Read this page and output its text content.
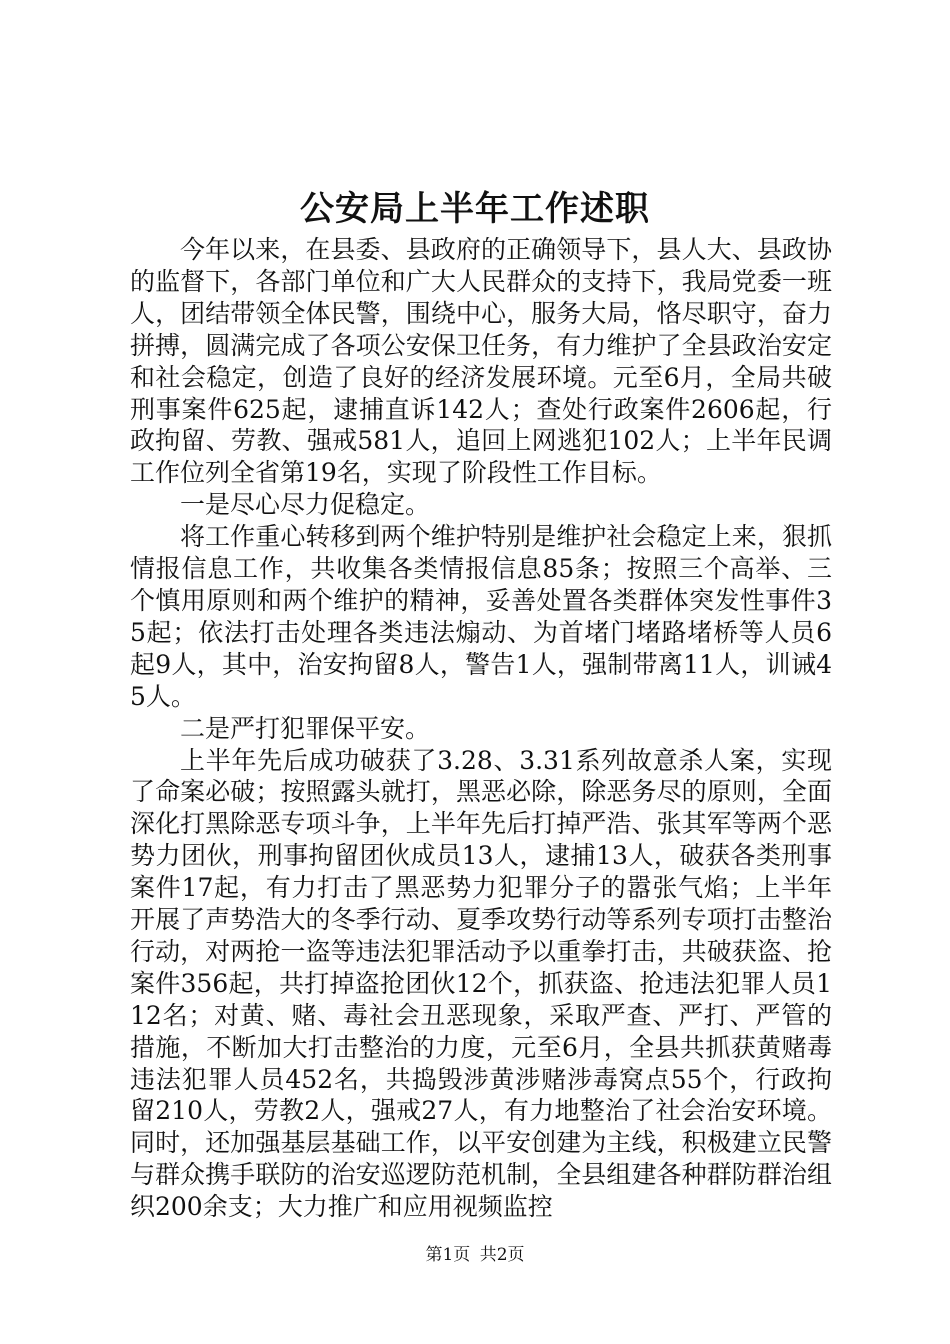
公安局上半年工作述职

今年以来，在县委、县政府的正确领导下，县人大、县政协的监督下，各部门单位和广大人民群众的支持下，我局党委一班人，团结带领全体民警，围绕中心，服务大局，恪尽职守，奋力拼搏，圆满完成了各项公安保卫任务，有力维护了全县政治安定和社会稳定，创造了良好的经济发展环境。元至6月，全局共破刑事案件625起，逮捕直诉142人；查处行政案件2606起，行政拘留、劳教、强戒581人，追回上网逃犯102人；上半年民调工作位列全省第19名，实现了阶段性工作目标。

一是尽心尽力促稳定。

将工作重心转移到两个维护特别是维护社会稳定上来，狠抓情报信息工作，共收集各类情报信息85条；按照三个高举、三个慎用原则和两个维护的精神，妥善处置各类群体突发性事件35起；依法打击处理各类违法煽动、为首堵门堵路堵桥等人员6起9人，其中，治安拘留8人，警告1人，强制带离11人，训诫45人。

二是严打犯罪保平安。

上半年先后成功破获了3.28、3.31系列故意杀人案，实现了命案必破；按照露头就打，黑恶必除，除恶务尽的原则，全面深化打黑除恶专项斗争，上半年先后打掉严浩、张其军等两个恶势力团伙，刑事拘留团伙成员13人，逮捕13人，破获各类刑事案件17起，有力打击了黑恶势力犯罪分子的嚣张气焰；上半年开展了声势浩大的冬季行动、夏季攻势行动等系列专项打击整治行动，对两抢一盗等违法犯罪活动予以重拳打击，共破获盗、抢案件356起，共打掉盗抢团伙12个，抓获盗、抢违法犯罪人员112名；对黄、赌、毒社会丑恶现象，采取严查、严打、严管的措施，不断加大打击整治的力度，元至6月，全县共抓获黄赌毒违法犯罪人员452名，共捣毁涉黄涉赌涉毒窝点55个，行政拘留210人，劳教2人，强戒27人，有力地整治了社会治安环境。同时，还加强基层基础工作，以平安创建为主线，积极建立民警与群众携手联防的治安巡逻防范机制，全县组建各种群防群治组织200余支；大力推广和应用视频监控

第1页 共2页
